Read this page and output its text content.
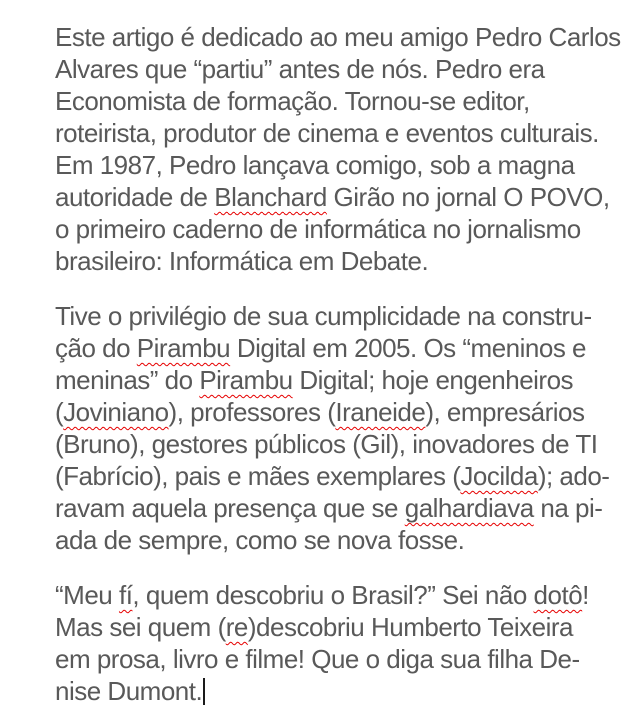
Este artigo é dedicado ao meu amigo Pedro Carlos
Alvares que “partiu” antes de nós. Pedro era
Economista de formação. Tornou-se editor,
roteirista, produtor de cinema e eventos culturais.
Em 1987, Pedro lançava comigo, sob a magna
autoridade de Blanchard Girão no jornal O POVO,
o primeiro caderno de informática no jornalismo
brasileiro: Informática em Debate.
Tive o privilégio de sua cumplicidade na constru-
ção do Pirambu Digital em 2005. Os “meninos e
meninas” do Pirambu Digital; hoje engenheiros
(Joviniano), professores (Iraneide), empresários
(Bruno), gestores públicos (Gil), inovadores de TI
(Fabrício), pais e mães exemplares (Jocilda); ado-
ravam aquela presença que se galhardiava na pi-
ada de sempre, como se nova fosse.
“Meu fí, quem descobriu o Brasil?” Sei não dotô!
Mas sei quem (re)descobriu Humberto Teixeira
em prosa, livro e filme! Que o diga sua filha De-
nise Dumont.
